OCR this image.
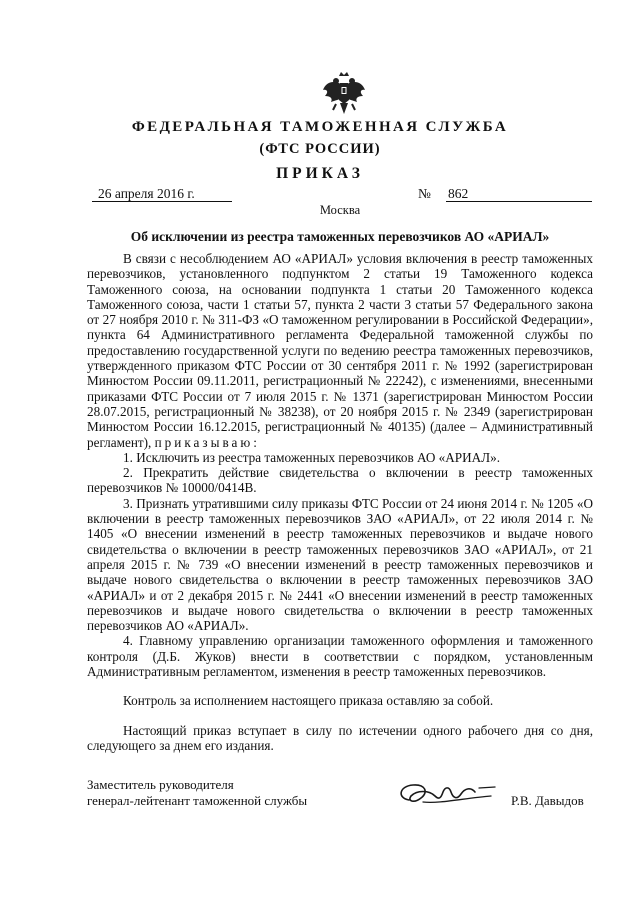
ФЕДЕРАЛЬНАЯ ТАМОЖЕННАЯ СЛУЖБА
(ФТС РОССИИ)
ПРИКАЗ
26 апреля 2016 г.	№ 862
Москва
Об исключении из реестра таможенных перевозчиков АО «АРИАЛ»

В связи с несоблюдением АО «АРИАЛ» условия включения в реестр таможенных перевозчиков, установленного подпунктом 2 статьи 19 Таможенного кодекса Таможенного союза, на основании подпункта 1 статьи 20 Таможенного кодекса Таможенного союза, части 1 статьи 57, пункта 2 части 3 статьи 57 Федерального закона от 27 ноября 2010 г. № 311-ФЗ «О таможенном регулировании в Российской Федерации», пункта 64 Административного регламента Федеральной таможенной службы по предоставлению государственной услуги по ведению реестра таможенных перевозчиков, утвержденного приказом ФТС России от 30 сентября 2011 г. № 1992 (зарегистрирован Минюстом России 09.11.2011, регистрационный № 22242), с изменениями, внесенными приказами ФТС России от 7 июля 2015 г. № 1371 (зарегистрирован Минюстом России 28.07.2015, регистрационный № 38238), от 20 ноября 2015 г. № 2349 (зарегистрирован Минюстом России 16.12.2015, регистрационный № 40135) (далее – Административный регламент), приказываю:

1. Исключить из реестра таможенных перевозчиков АО «АРИАЛ».

2. Прекратить действие свидетельства о включении в реестр таможенных перевозчиков № 10000/0414В.

3. Признать утратившими силу приказы ФТС России от 24 июня 2014 г. № 1205 «О включении в реестр таможенных перевозчиков ЗАО «АРИАЛ», от 22 июля 2014 г. № 1405 «О внесении изменений в реестр таможенных перевозчиков и выдаче нового свидетельства о включении в реестр таможенных перевозчиков ЗАО «АРИАЛ», от 21 апреля 2015 г. № 739 «О внесении изменений в реестр таможенных перевозчиков и выдаче нового свидетельства о включении в реестр таможенных перевозчиков ЗАО «АРИАЛ» и от 2 декабря 2015 г. № 2441 «О внесении изменений в реестр таможенных перевозчиков и выдаче нового свидетельства о включении в реестр таможенных перевозчиков АО «АРИАЛ».

4. Главному управлению организации таможенного оформления и таможенного контроля (Д.Б. Жуков) внести в соответствии с порядком, установленным Административным регламентом, изменения в реестр таможенных перевозчиков.

Контроль за исполнением настоящего приказа оставляю за собой.

Настоящий приказ вступает в силу по истечении одного рабочего дня со дня, следующего за днем его издания.

Заместитель руководителя
генерал-лейтенант таможенной службы	Р.В. Давыдов
